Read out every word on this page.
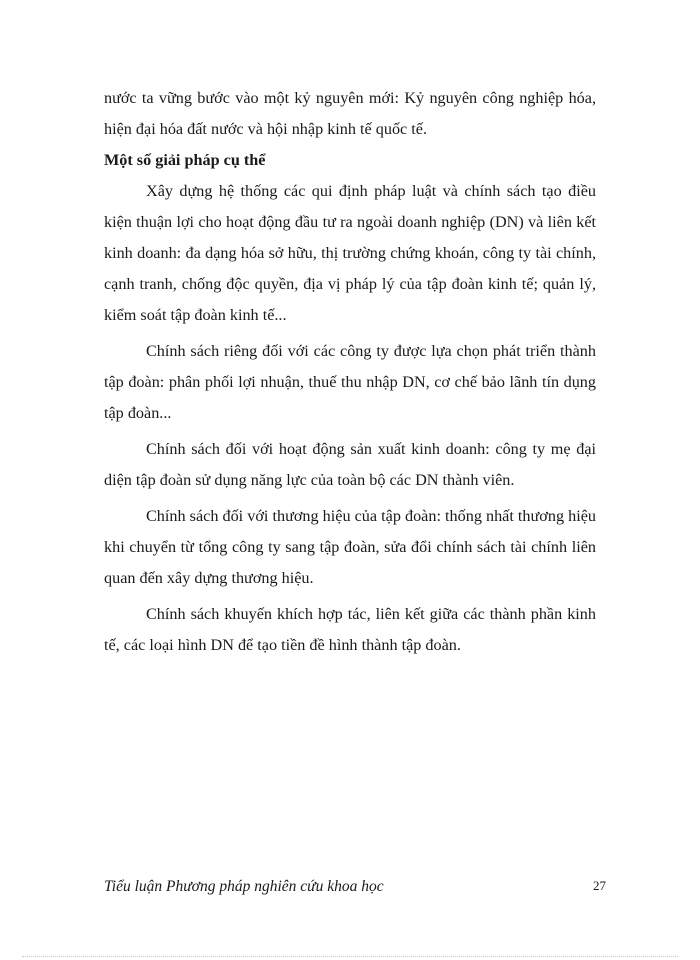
nước ta vững bước vào một kỷ nguyên mới: Kỷ nguyên công nghiệp hóa, hiện đại hóa đất nước và hội nhập kinh tế quốc tế.

Một số giải pháp cụ thể

Xây dựng hệ thống các qui định pháp luật và chính sách tạo điều kiện thuận lợi cho hoạt động đầu tư ra ngoài doanh nghiệp (DN) và liên kết kinh doanh: đa dạng hóa sở hữu, thị trường chứng khoán, công ty tài chính, cạnh tranh, chống độc quyền, địa vị pháp lý của tập đoàn kinh tế; quản lý, kiểm soát tập đoàn kinh tế...

Chính sách riêng đối với các công ty được lựa chọn phát triển thành tập đoàn: phân phối lợi nhuận, thuế thu nhập DN, cơ chế bảo lãnh tín dụng tập đoàn...

Chính sách đối với hoạt động sản xuất kinh doanh: công ty mẹ đại diện tập đoàn sử dụng năng lực của toàn bộ các DN thành viên.

Chính sách đối với thương hiệu của tập đoàn: thống nhất thương hiệu khi chuyển từ tổng công ty sang tập đoàn, sửa đổi chính sách tài chính liên quan đến xây dựng thương hiệu.

Chính sách khuyến khích hợp tác, liên kết giữa các thành phần kinh tế, các loại hình DN để tạo tiền đề hình thành tập đoàn.

Tiểu luận Phương pháp nghiên cứu khoa học	27
